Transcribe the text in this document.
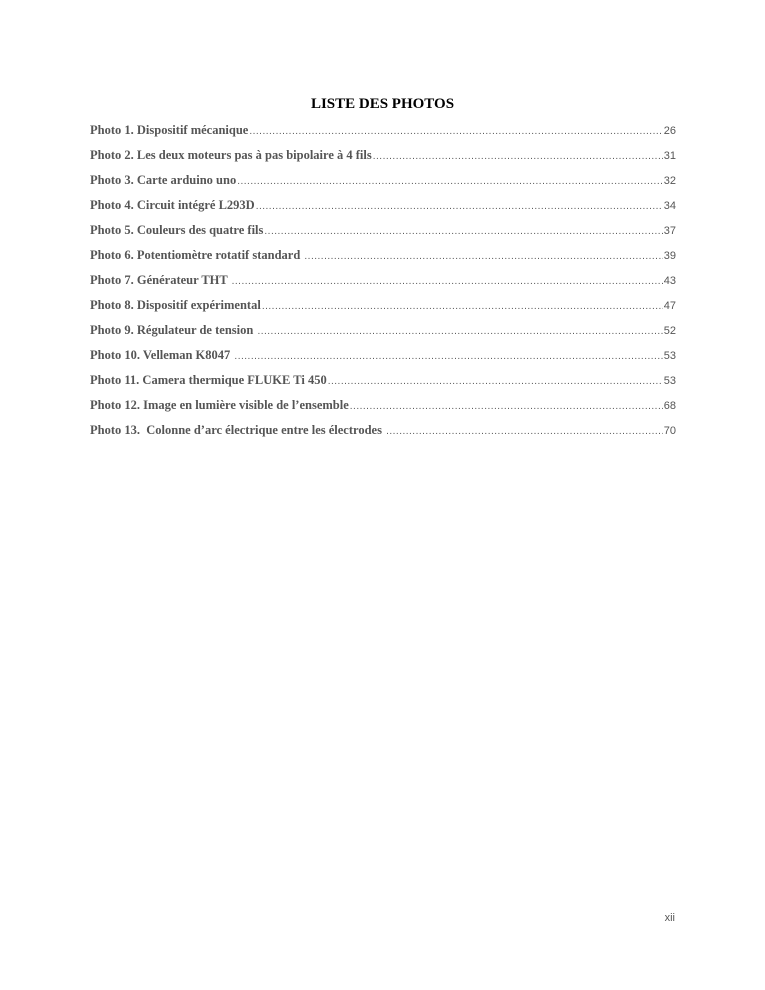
LISTE DES PHOTOS
Photo 1. Dispositif mécanique .....	26
Photo 2. Les deux moteurs pas à pas bipolaire à 4 fils .....	31
Photo 3. Carte arduino uno .....	32
Photo 4. Circuit intégré L293D .....	34
Photo 5. Couleurs des quatre fils .....	37
Photo 6. Potentiomètre rotatif standard .....	39
Photo 7. Générateur THT .....	43
Photo 8. Dispositif expérimental .....	47
Photo 9. Régulateur de tension .....	52
Photo 10. Velleman K8047 .....	53
Photo 11. Camera thermique FLUKE Ti 450 .....	53
Photo 12. Image en lumière visible de l’ensemble .....	68
Photo 13.  Colonne d’arc électrique entre les électrodes .....	70
xii
